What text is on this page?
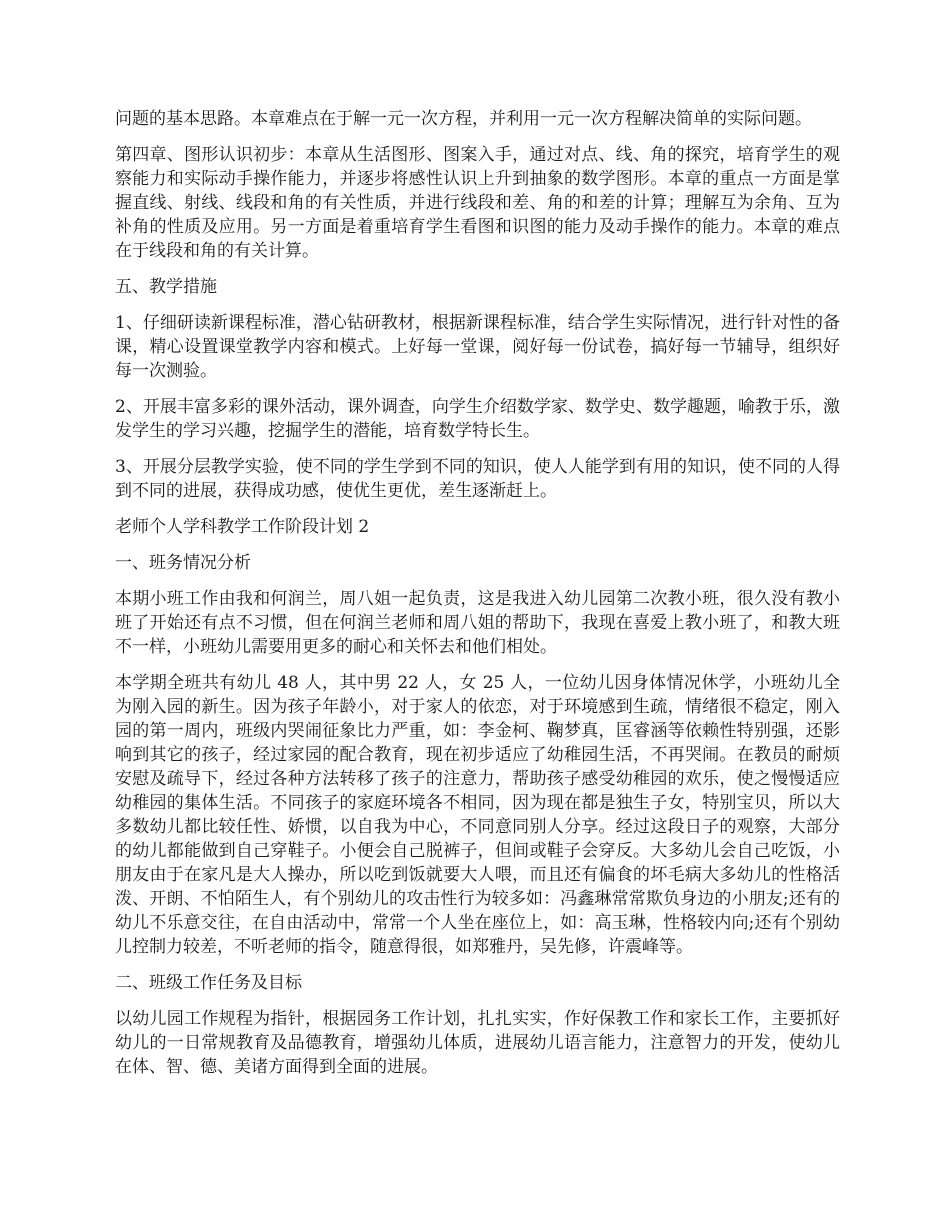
问题的基本思路。本章难点在于解一元一次方程，并利用一元一次方程解决简单的实际问题。

第四章、图形认识初步：本章从生活图形、图案入手，通过对点、线、角的探究，培育学生的观察能力和实际动手操作能力，并逐步将感性认识上升到抽象的数学图形。本章的重点一方面是掌握直线、射线、线段和角的有关性质，并进行线段和差、角的和差的计算；理解互为余角、互为补角的性质及应用。另一方面是着重培育学生看图和识图的能力及动手操作的能力。本章的难点在于线段和角的有关计算。

五、教学措施

1、仔细研读新课程标准，潜心钻研教材，根据新课程标准，结合学生实际情况，进行针对性的备课，精心设置课堂教学内容和模式。上好每一堂课，阅好每一份试卷，搞好每一节辅导，组织好每一次测验。

2、开展丰富多彩的课外活动，课外调查，向学生介绍数学家、数学史、数学趣题，喻教于乐，激发学生的学习兴趣，挖掘学生的潜能，培育数学特长生。

3、开展分层教学实验，使不同的学生学到不同的知识，使人人能学到有用的知识，使不同的人得到不同的进展，获得成功感，使优生更优，差生逐渐赶上。

老师个人学科教学工作阶段计划 2

一、班务情况分析

本期小班工作由我和何润兰，周八姐一起负责，这是我进入幼儿园第二次教小班，很久没有教小班了开始还有点不习惯，但在何润兰老师和周八姐的帮助下，我现在喜爱上教小班了，和教大班不一样，小班幼儿需要用更多的耐心和关怀去和他们相处。

本学期全班共有幼儿 48 人，其中男 22 人，女 25 人，一位幼儿因身体情况休学，小班幼儿全为刚入园的新生。因为孩子年龄小，对于家人的依恋，对于环境感到生疏，情绪很不稳定，刚入园的第一周内，班级内哭闹征象比力严重，如：李金柯、鞠梦真，匡睿涵等依赖性特别强，还影响到其它的孩子，经过家园的配合教育，现在初步适应了幼稚园生活，不再哭闹。在教员的耐烦安慰及疏导下，经过各种方法转移了孩子的注意力，帮助孩子感受幼稚园的欢乐，使之慢慢适应幼稚园的集体生活。不同孩子的家庭环境各不相同，因为现在都是独生子女，特别宝贝，所以大多数幼儿都比较任性、娇惯，以自我为中心，不同意同别人分享。经过这段日子的观察，大部分的幼儿都能做到自己穿鞋子。小便会自己脱裤子，但间或鞋子会穿反。大多幼儿会自己吃饭，小朋友由于在家凡是大人操办，所以吃到饭就要大人喂，而且还有偏食的坏毛病大多幼儿的性格活泼、开朗、不怕陌生人，有个别幼儿的攻击性行为较多如：冯鑫琳常常欺负身边的小朋友;还有的幼儿不乐意交往，在自由活动中，常常一个人坐在座位上，如：高玉琳，性格较内向;还有个别幼儿控制力较差，不听老师的指令，随意得很，如郑雅丹，吴先修，许震峰等。

二、班级工作任务及目标

以幼儿园工作规程为指针，根据园务工作计划，扎扎实实，作好保教工作和家长工作，主要抓好幼儿的一日常规教育及品德教育，增强幼儿体质，进展幼儿语言能力，注意智力的开发，使幼儿在体、智、德、美诸方面得到全面的进展。
